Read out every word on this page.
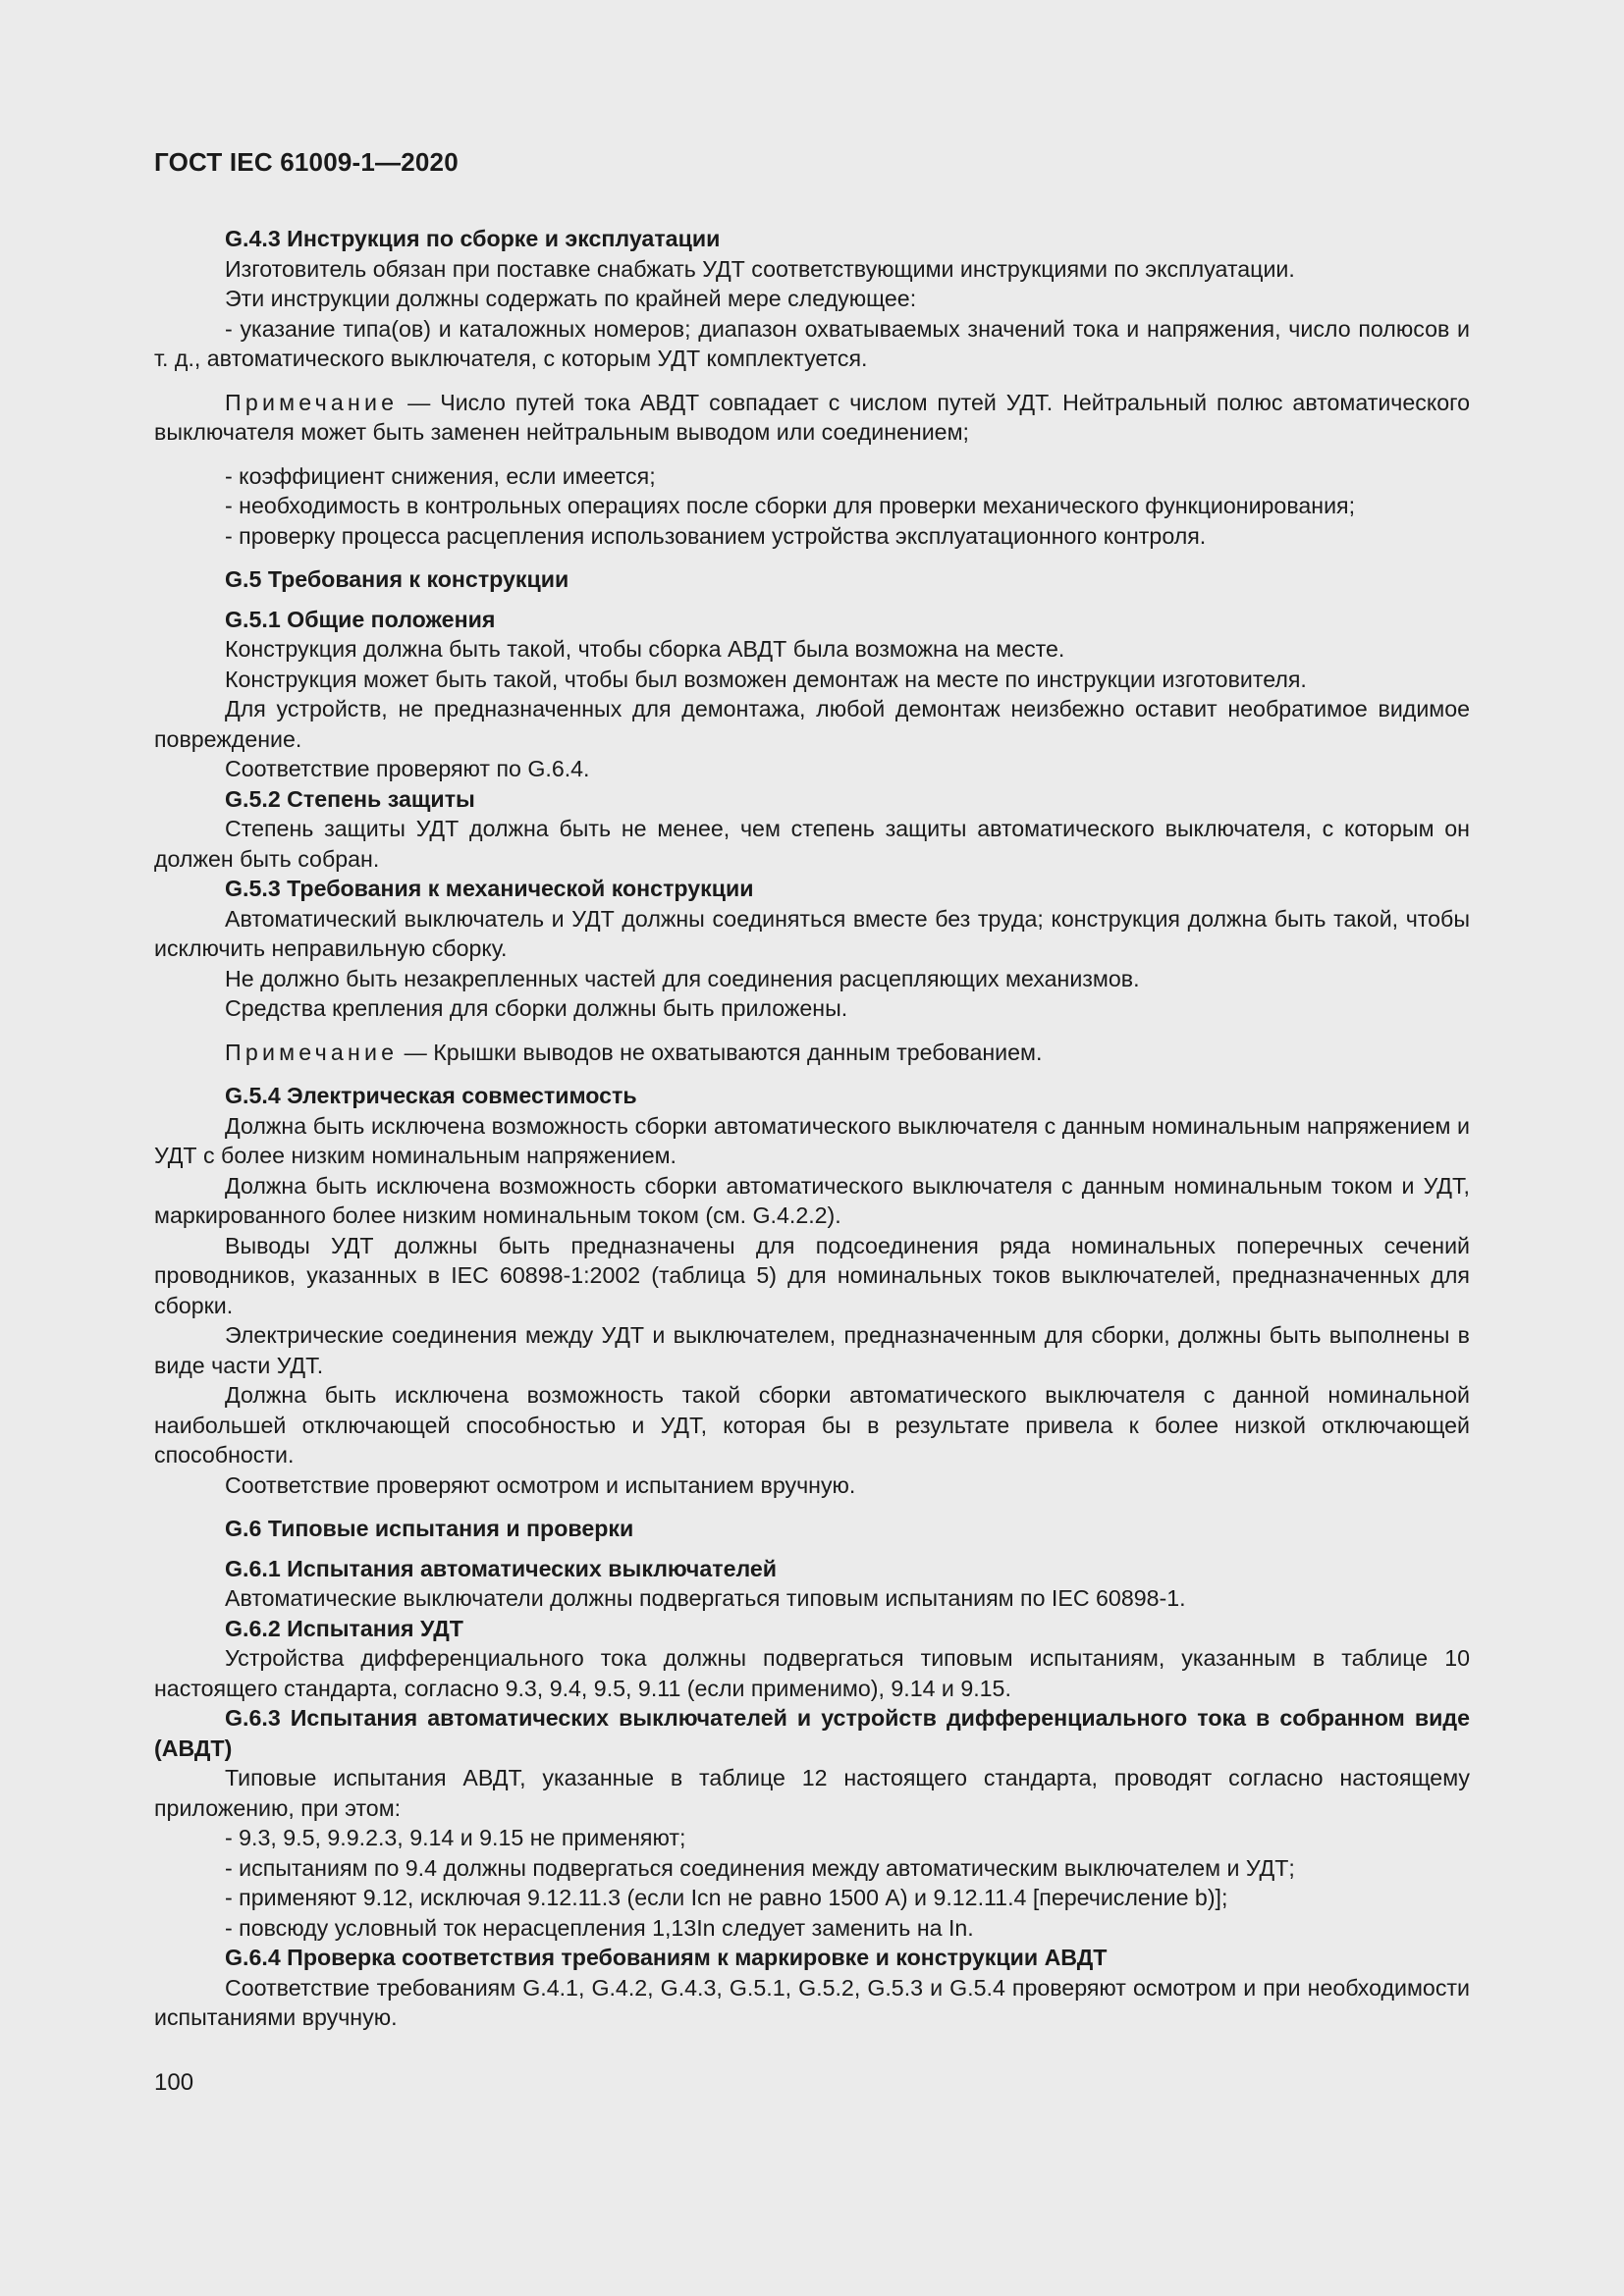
ГОСТ IEC 61009-1—2020

G.4.3 Инструкция по сборке и эксплуатации

Изготовитель обязан при поставке снабжать УДТ соответствующими инструкциями по эксплуатации.

Эти инструкции должны содержать по крайней мере следующее:

- указание типа(ов) и каталожных номеров; диапазон охватываемых значений тока и напряжения, число полюсов и т. д., автоматического выключателя, с которым УДТ комплектуется.

Примечание — Число путей тока АВДТ совпадает с числом путей УДТ. Нейтральный полюс автоматического выключателя может быть заменен нейтральным выводом или соединением;

- коэффициент снижения, если имеется;

- необходимость в контрольных операциях после сборки для проверки механического функционирования;

- проверку процесса расцепления использованием устройства эксплуатационного контроля.

G.5 Требования к конструкции

G.5.1 Общие положения

Конструкция должна быть такой, чтобы сборка АВДТ была возможна на месте.

Конструкция может быть такой, чтобы был возможен демонтаж на месте по инструкции изготовителя.

Для устройств, не предназначенных для демонтажа, любой демонтаж неизбежно оставит необратимое видимое повреждение.

Соответствие проверяют по G.6.4.

G.5.2 Степень защиты

Степень защиты УДТ должна быть не менее, чем степень защиты автоматического выключателя, с которым он должен быть собран.

G.5.3 Требования к механической конструкции

Автоматический выключатель и УДТ должны соединяться вместе без труда; конструкция должна быть такой, чтобы исключить неправильную сборку.

Не должно быть незакрепленных частей для соединения расцепляющих механизмов.

Средства крепления для сборки должны быть приложены.

Примечание — Крышки выводов не охватываются данным требованием.

G.5.4 Электрическая совместимость

Должна быть исключена возможность сборки автоматического выключателя с данным номинальным напряжением и УДТ с более низким номинальным напряжением.

Должна быть исключена возможность сборки автоматического выключателя с данным номинальным током и УДТ, маркированного более низким номинальным током (см. G.4.2.2).

Выводы УДТ должны быть предназначены для подсоединения ряда номинальных поперечных сечений проводников, указанных в IEC 60898-1:2002 (таблица 5) для номинальных токов выключателей, предназначенных для сборки.

Электрические соединения между УДТ и выключателем, предназначенным для сборки, должны быть выполнены в виде части УДТ.

Должна быть исключена возможность такой сборки автоматического выключателя с данной номинальной наибольшей отключающей способностью и УДТ, которая бы в результате привела к более низкой отключающей способности.

Соответствие проверяют осмотром и испытанием вручную.

G.6 Типовые испытания и проверки

G.6.1 Испытания автоматических выключателей

Автоматические выключатели должны подвергаться типовым испытаниям по IEC 60898-1.

G.6.2 Испытания УДТ

Устройства дифференциального тока должны подвергаться типовым испытаниям, указанным в таблице 10 настоящего стандарта, согласно 9.3, 9.4, 9.5, 9.11 (если применимо), 9.14 и 9.15.

G.6.3 Испытания автоматических выключателей и устройств дифференциального тока в собранном виде (АВДТ)

Типовые испытания АВДТ, указанные в таблице 12 настоящего стандарта, проводят согласно настоящему приложению, при этом:

- 9.3, 9.5, 9.9.2.3, 9.14 и 9.15 не применяют;

- испытаниям по 9.4 должны подвергаться соединения между автоматическим выключателем и УДТ;

- применяют 9.12, исключая 9.12.11.3 (если Icn не равно 1500 А) и 9.12.11.4 [перечисление b)];

- повсюду условный ток нерасцепления 1,13In следует заменить на In.

G.6.4 Проверка соответствия требованиям к маркировке и конструкции АВДТ

Соответствие требованиям G.4.1, G.4.2, G.4.3, G.5.1, G.5.2, G.5.3 и G.5.4 проверяют осмотром и при необходимости испытаниями вручную.

100
